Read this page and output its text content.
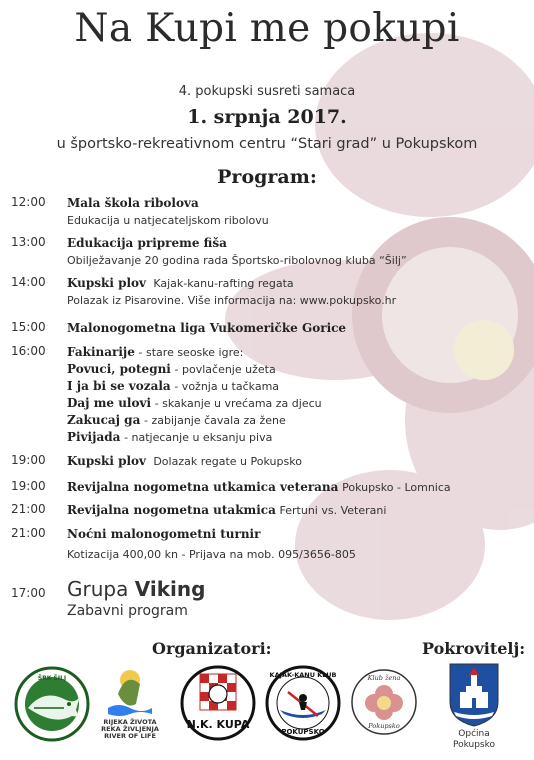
Na Kupi me pokupi
4. pokupski susreti samaca
1. srpnja 2017.
u športsko-rekreativnom centru “Stari grad” u Pokupskom
Program:
12:00 Mala škola ribolova
Edukacija u natjecateljskom ribolovu
13:00 Edukacija pripreme fiša
Obilježavanje 20 godina rada Športsko-ribolovnog kluba “Šilj”
14:00 Kupski plov Kajak-kanu-rafting regata
Polazak iz Pisarovine. Više informacija na: www.pokupsko.hr
15:00 Malonogometna liga Vukomeričke Gorice
16:00 Fakinarije - stare seoske igre:
Povuci, potegni - povlačenje užeta
I ja bi se vozala - vožnja u tačkama
Daj me ulovi - skakanje u vrećama za djecu
Zakucaj ga - zabijanje čavala za žene
Pivijada - natjecanje u eksanju piva
19:00 Kupski plov Dolazak regate u Pokupsko
19:00 Revijalna nogometna utkamica veterana Pokupsko - Lomnica
21:00 Revijalna nogometna utakmica Fertuni vs. Veterani
21:00 Noćni malonogometni turnir
Kotizacija 400,00 kn - Prijava na mob. 095/3656-805
17:00 Grupa Viking
Zabavni program
Organizatori:	Pokrovitelj:
ŠRK ŠILJ
RIJEKA ŽIVOTA
REKA ŽIVLJENJA
RIVER OF LIFE
N.K. KUPA
KAJAK-KANU KLUB
POKUPSKO
Klub žena
Pokupsko
Općina
Pokupsko
